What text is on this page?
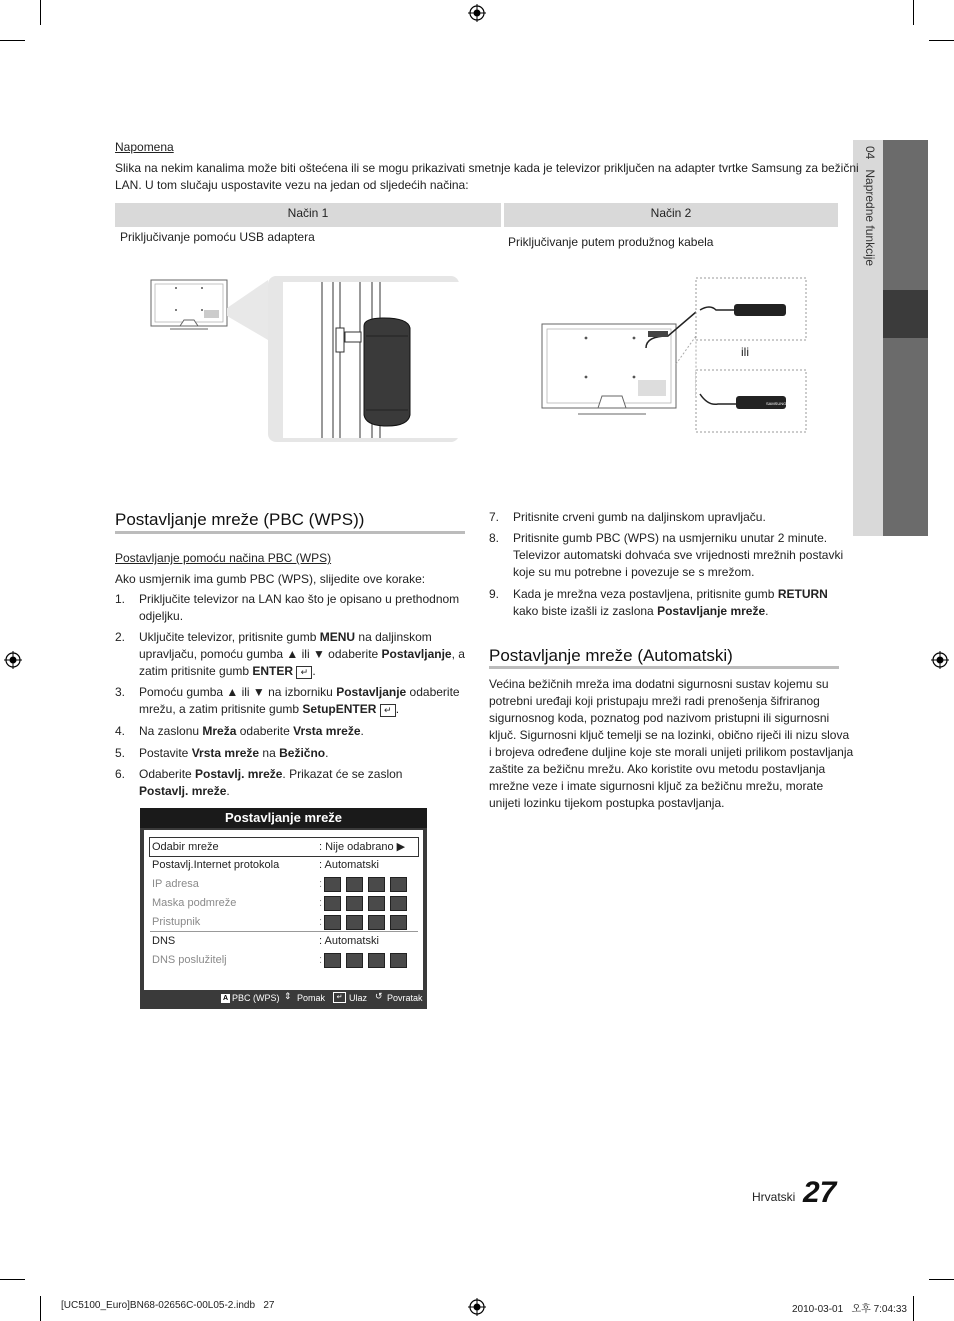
04   Napredne funkcije
Napomena
Slika na nekim kanalima može biti oštećena ili se mogu prikazivati smetnje kada je televizor priključen na adapter tvrtke Samsung za bežični
LAN. U tom slučaju uspostavite vezu na jedan od sljedećih načina:
Način 1	Način 2
Priključivanje pomoću USB adaptera	Priključivanje putem produžnog kabela
SAMSUNG
ili
Postavljanje mreže (PBC (WPS))
Postavljanje pomoću načina PBC (WPS)
Ako usmjernik ima gumb PBC (WPS), slijedite ove korake:
1. Priključite televizor na LAN kao što je opisano u prethodnom
odjeljku.
2. Uključite televizor, pritisnite gumb MENU na daljinskom
upravljaču, pomoću gumba ▲ ili ▼ odaberite Postavljanje, a
zatim pritisnite gumb ENTER ↵ .
3. Pomoću gumba ▲ ili ▼ na izborniku Postavljanje odaberite
mrežu, a zatim pritisnite gumb SetupENTER ↵ .
4. Na zaslonu Mreža odaberite Vrsta mreže.
5. Postavite Vrsta mreže na Bežično.
6. Odaberite Postavlj. mreže. Prikazat će se zaslon
Postavlj. mreže.
Postavljanje mreže
Odabir mreže	: Nije odabrano ▶
Postavlj.Internet protokola	: Automatski
IP adresa	:
Maska podmreže	:
Pristupnik	:
DNS	: Automatski
DNS poslužitelj	:
A PBC (WPS) ⇕ Pomak	↵ Ulaz ↺ Povratak
7. Pritisnite crveni gumb na daljinskom upravljaču.
8. Pritisnite gumb PBC (WPS) na usmjerniku unutar 2 minute.
Televizor automatski dohvaća sve vrijednosti mrežnih postavki
koje su mu potrebne i povezuje se s mrežom.
9. Kada je mrežna veza postavljena, pritisnite gumb RETURN
kako biste izašli iz zaslona Postavljanje mreže.
Postavljanje mreže (Automatski)
Većina bežičnih mreža ima dodatni sigurnosni sustav kojemu su
potrebni uređaji koji pristupaju mreži radi prenošenja šifriranog
sigurnosnog koda, poznatog pod nazivom pristupni ili sigurnosni
ključ. Sigurnosni ključ temelji se na lozinki, obično riječi ili nizu slova
i brojeva određene duljine koje ste morali unijeti prilikom postavljanja
zaštite za bežičnu mrežu. Ako koristite ovu metodu postavljanja
mrežne veze i imate sigurnosni ključ za bežičnu mrežu, morate
unijeti lozinku tijekom postupka postavljanja.
Hrvatski 27
[UC5100_Euro]BN68-02656C-00L05-2.indb   27	2010-03-01   오후 7:04:33
